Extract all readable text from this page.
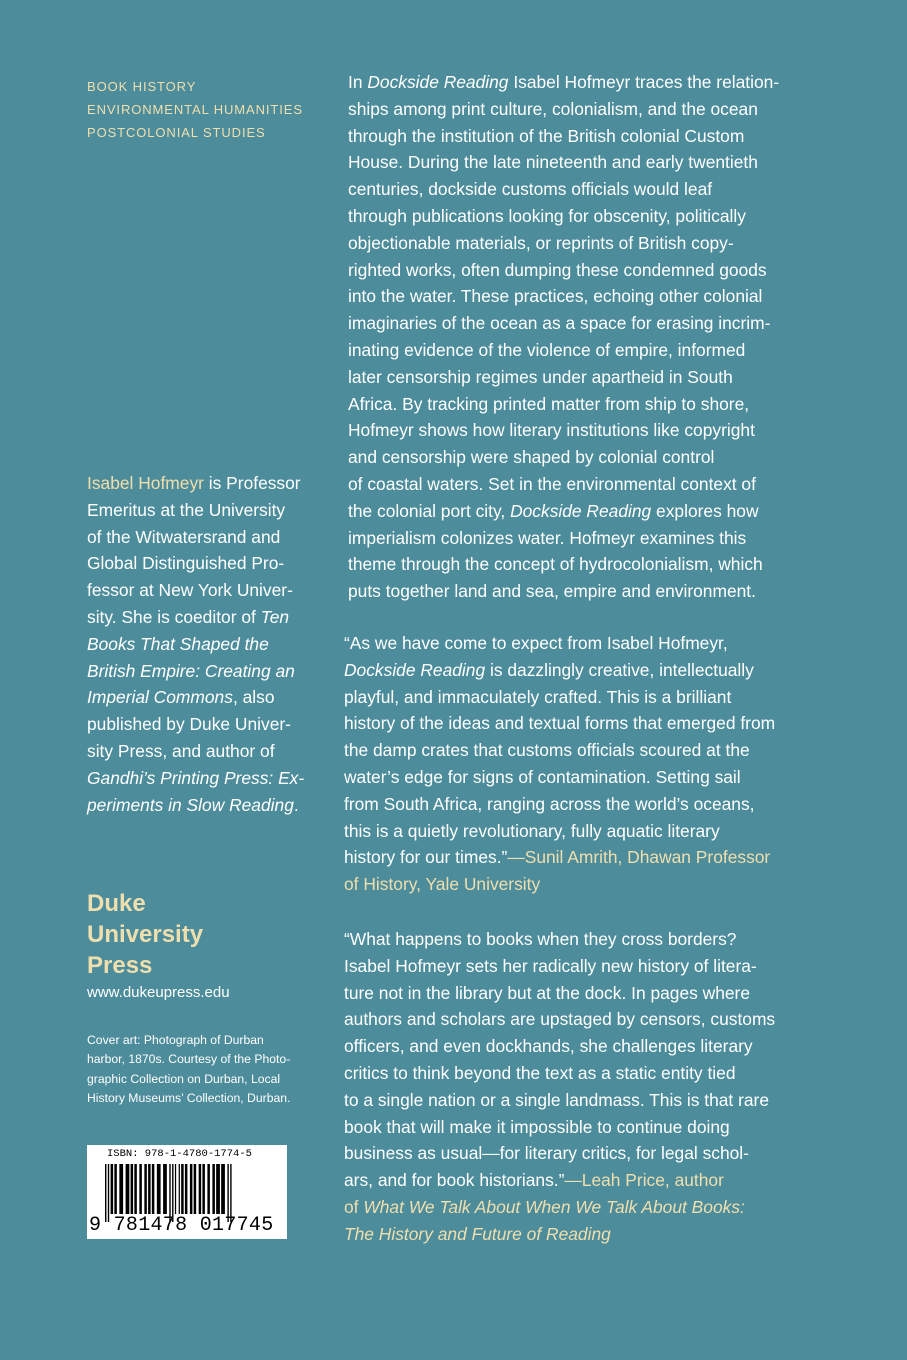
BOOK HISTORY
ENVIRONMENTAL HUMANITIES
POSTCOLONIAL STUDIES
In Dockside Reading Isabel Hofmeyr traces the relation-
ships among print culture, colonialism, and the ocean
through the institution of the British colonial Custom
House. During the late nineteenth and early twentieth
centuries, dockside customs officials would leaf
through publications looking for obscenity, politically
objectionable materials, or reprints of British copy-
righted works, often dumping these condemned goods
into the water. These practices, echoing other colonial
imaginaries of the ocean as a space for erasing incrim-
inating evidence of the violence of empire, informed
later censorship regimes under apartheid in South
Africa. By tracking printed matter from ship to shore,
Hofmeyr shows how literary institutions like copyright
and censorship were shaped by colonial control
of coastal waters. Set in the environmental context of
the colonial port city, Dockside Reading explores how
imperialism colonizes water. Hofmeyr examines this
theme through the concept of hydrocolonialism, which
puts together land and sea, empire and environment.
“As we have come to expect from Isabel Hofmeyr,
Dockside Reading is dazzlingly creative, intellectually
playful, and immaculately crafted. This is a brilliant
history of the ideas and textual forms that emerged from
the damp crates that customs officials scoured at the
water’s edge for signs of contamination. Setting sail
from South Africa, ranging across the world’s oceans,
this is a quietly revolutionary, fully aquatic literary
history for our times.”—Sunil Amrith, Dhawan Professor
of History, Yale University
“What happens to books when they cross borders?
Isabel Hofmeyr sets her radically new history of litera-
ture not in the library but at the dock. In pages where
authors and scholars are upstaged by censors, customs
officers, and even dockhands, she challenges literary
critics to think beyond the text as a static entity tied
to a single nation or a single landmass. This is that rare
book that will make it impossible to continue doing
business as usual—for literary critics, for legal schol-
ars, and for book historians.”—Leah Price, author
of What We Talk About When We Talk About Books:
The History and Future of Reading
Isabel Hofmeyr is Professor
Emeritus at the University
of the Witwatersrand and
Global Distinguished Pro-
fessor at New York Univer-
sity. She is coeditor of Ten
Books That Shaped the
British Empire: Creating an
Imperial Commons, also
published by Duke Univer-
sity Press, and author of
Gandhi’s Printing Press: Ex-
periments in Slow Reading.
Duke
University
Press
www.dukeupress.edu
Cover art: Photograph of Durban
harbor, 1870s. Courtesy of the Photo-
graphic Collection on Durban, Local
History Museums’ Collection, Durban.
ISBN: 978-1-4780-1774-5
9 781478 017745
